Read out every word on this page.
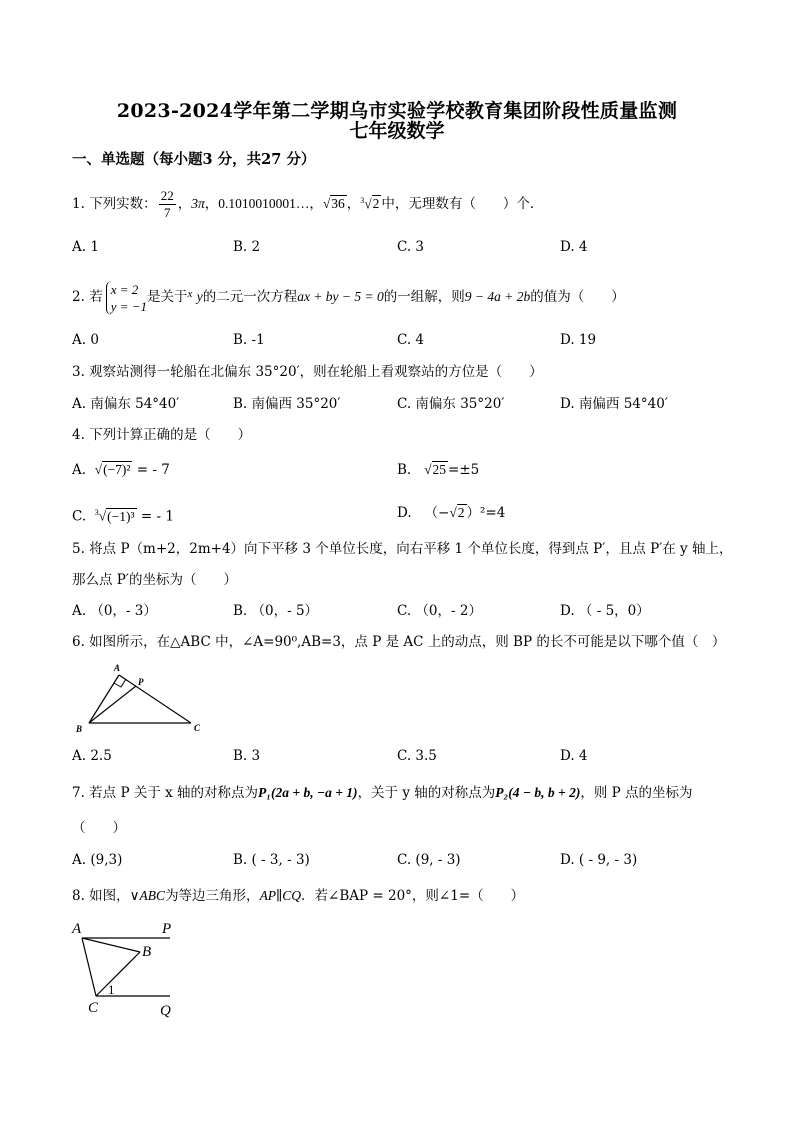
2023-2024学年第二学期乌市实验学校教育集团阶段性质量监测
七年级数学
一、单选题（每小题3 分，共27 分）
1. 下列实数： $\frac{22}{7}$ ，3π，0.1010010001…，√36 ，$^3$√2 中，无理数有（　　）个．
A. 1	B. 2	C. 3	D. 4
2. 若 x = 2
y = −1
是关于$^x$ y的二元一次方程ax + by − 5 = 0的一组解，则9 − 4a + 2b的值为（　　）
A. 0	B. -1	C. 4	D. 19
3. 观察站测得一轮船在北偏东 35°20′，则在轮船上看观察站的方位是（　　）
A. 南偏东 54°40′	B. 南偏西 35°20′	C. 南偏东 35°20′	D. 南偏西 54°40′
4. 下列计算正确的是（　　）
A. √(−7)² = - 7	B. √25 =±5
C. $^3$√(−1)³ = - 1	D. （−√2 ）²=4
5. 将点 P（m+2，2m+4）向下平移 3 个单位长度，向右平移 1 个单位长度，得到点 P′，且点 P′在 y 轴上，
那么点 P′的坐标为（　　）
A. （0，- 3）	B. （0，- 5）	C. （0，- 2）	D. （ - 5，0）
6. 如图所示，在△ABC 中，∠A=90⁰,AB=3，点 P 是 AC 上的动点，则 BP 的长不可能是以下哪个值（　）
A
P
B	C
A. 2.5	B. 3	C. 3.5	D. 4
7. 若点 P 关于 x 轴的对称点为P₁(2a + b, −a + 1)，关于 y 轴的对称点为P₂(4 − b, b + 2)，则 P 点的坐标为
（　　）
A. (9,3)	B. ( - 3, - 3)	C. (9, - 3)	D. ( - 9, - 3)
8. 如图，∨ABC为等边三角形，AP∥CQ．若∠BAP = 20°，则∠1=（　　）
A	P
B
C	Q
1
